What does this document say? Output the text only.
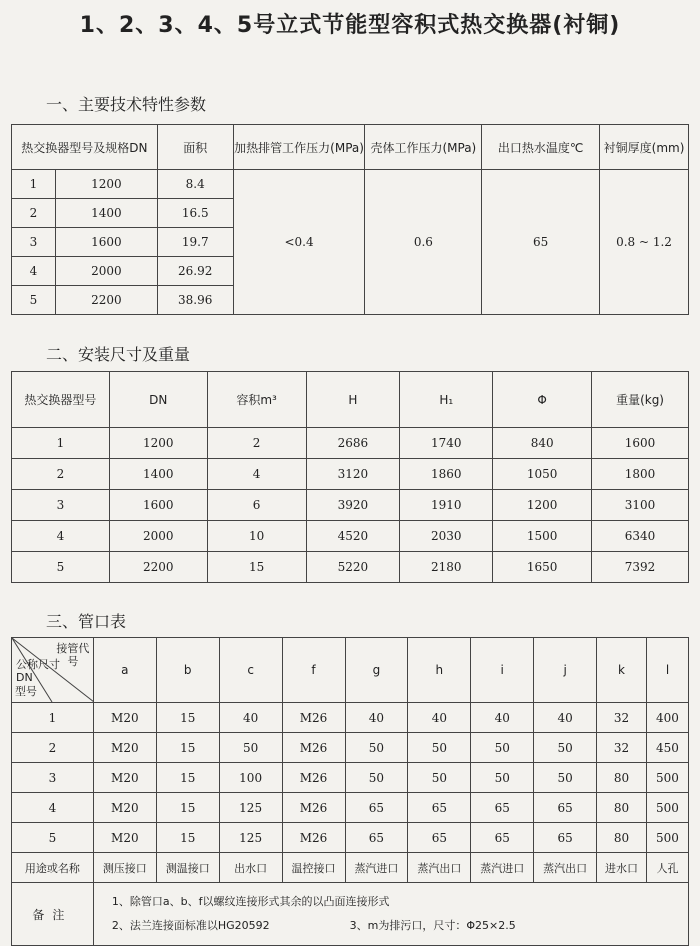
1、2、3、4、5号立式节能型容积式热交换器(衬铜)
一、主要技术特性参数
热交换器型号及规格DN		面积	加热排管工作压力(MPa)	壳体工作压力(MPa)	出口热水温度℃	衬铜厚度(mm)
1	1200	8.4	<0.4	0.6	65	0.8 ~ 1.2
2	1400	16.5				
3	1600	19.7				
4	2000	26.92				
5	2200	38.96				
二、安装尺寸及重量
热交换器型号	DN	容积m³	H	H₁	Φ	重量(kg)
1	1200	2	2686	1740	840	1600
2	1400	4	3120	1860	1050	1800
3	1600	6	3920	1910	1200	3100
4	2000	10	4520	2030	1500	6340
5	2200	15	5220	2180	1650	7392
三、管口表
接管代号
公称尺寸 DN
型号	a	b	c	f	g	h	i	j	k	l
1	M20	15	40	M26	40	40	40	40	32	400
2	M20	15	50	M26	50	50	50	50	32	450
3	M20	15	100	M26	50	50	50	50	80	500
4	M20	15	125	M26	65	65	65	65	80	500
5	M20	15	125	M26	65	65	65	65	80	500
用途或名称	测压接口	测温接口	出水口	温控接口	蒸汽进口	蒸汽出口	蒸汽进口	蒸汽出口	进水口	人孔
备注	1、除管口a、b、f以螺纹连接形式其余的以凸面连接形式
2、法兰连接面标准以HG20592 3、m为排污口，尺寸：Φ25×2.5									
